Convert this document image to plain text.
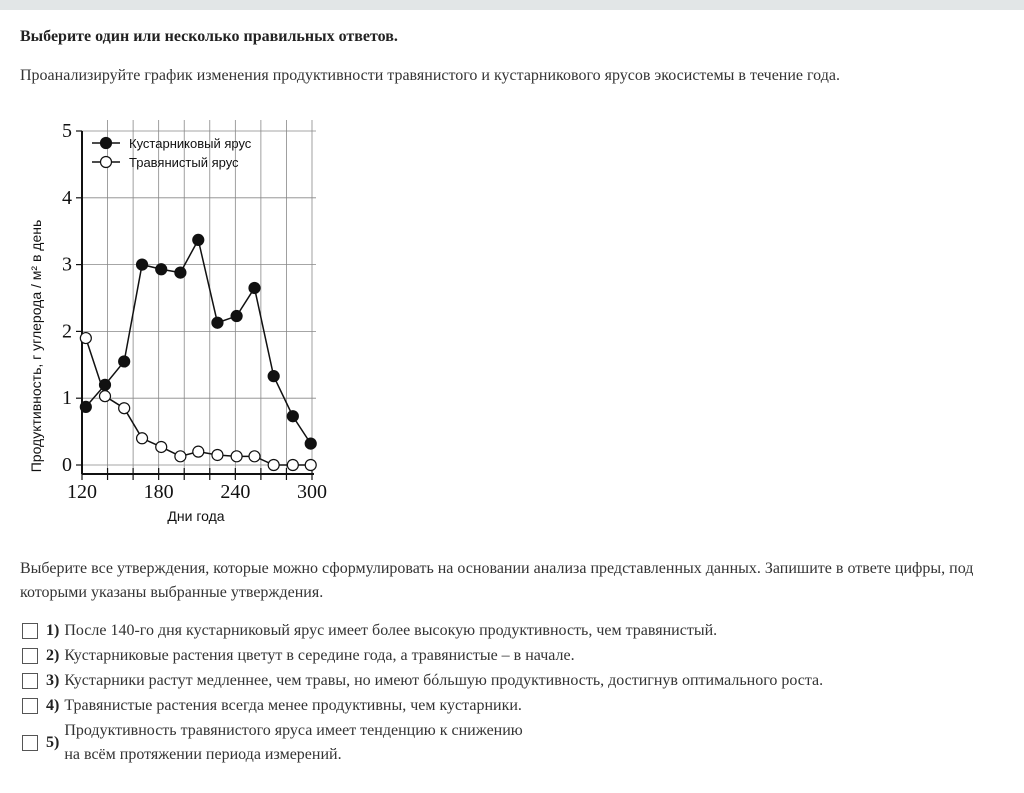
Выберите один или несколько правильных ответов.
Проанализируйте график изменения продуктивности травянистого и кустарникового ярусов экосистемы в течение года.
0
1
2
3
4
5
120 180 240 300
Кустарниковый ярус
Травянистый ярус
Продуктивность, г углерода / м² в день
Дни года
Выберите все утверждения, которые можно сформулировать на основании анализа представленных данных. Запишите в ответе цифры, под которыми указаны выбранные утверждения.
1) После 140-го дня кустарниковый ярус имеет более высокую продуктивность, чем травянистый.
2) Кустарниковые растения цветут в середине года, а травянистые – в начале.
3) Кустарники растут медленнее, чем травы, но имеют бóльшую продуктивность, достигнув оптимального роста.
4) Травянистые растения всегда менее продуктивны, чем кустарники.
5)
Продуктивность травянистого яруса имеет тенденцию к снижению
на всём протяжении периода измерений.
